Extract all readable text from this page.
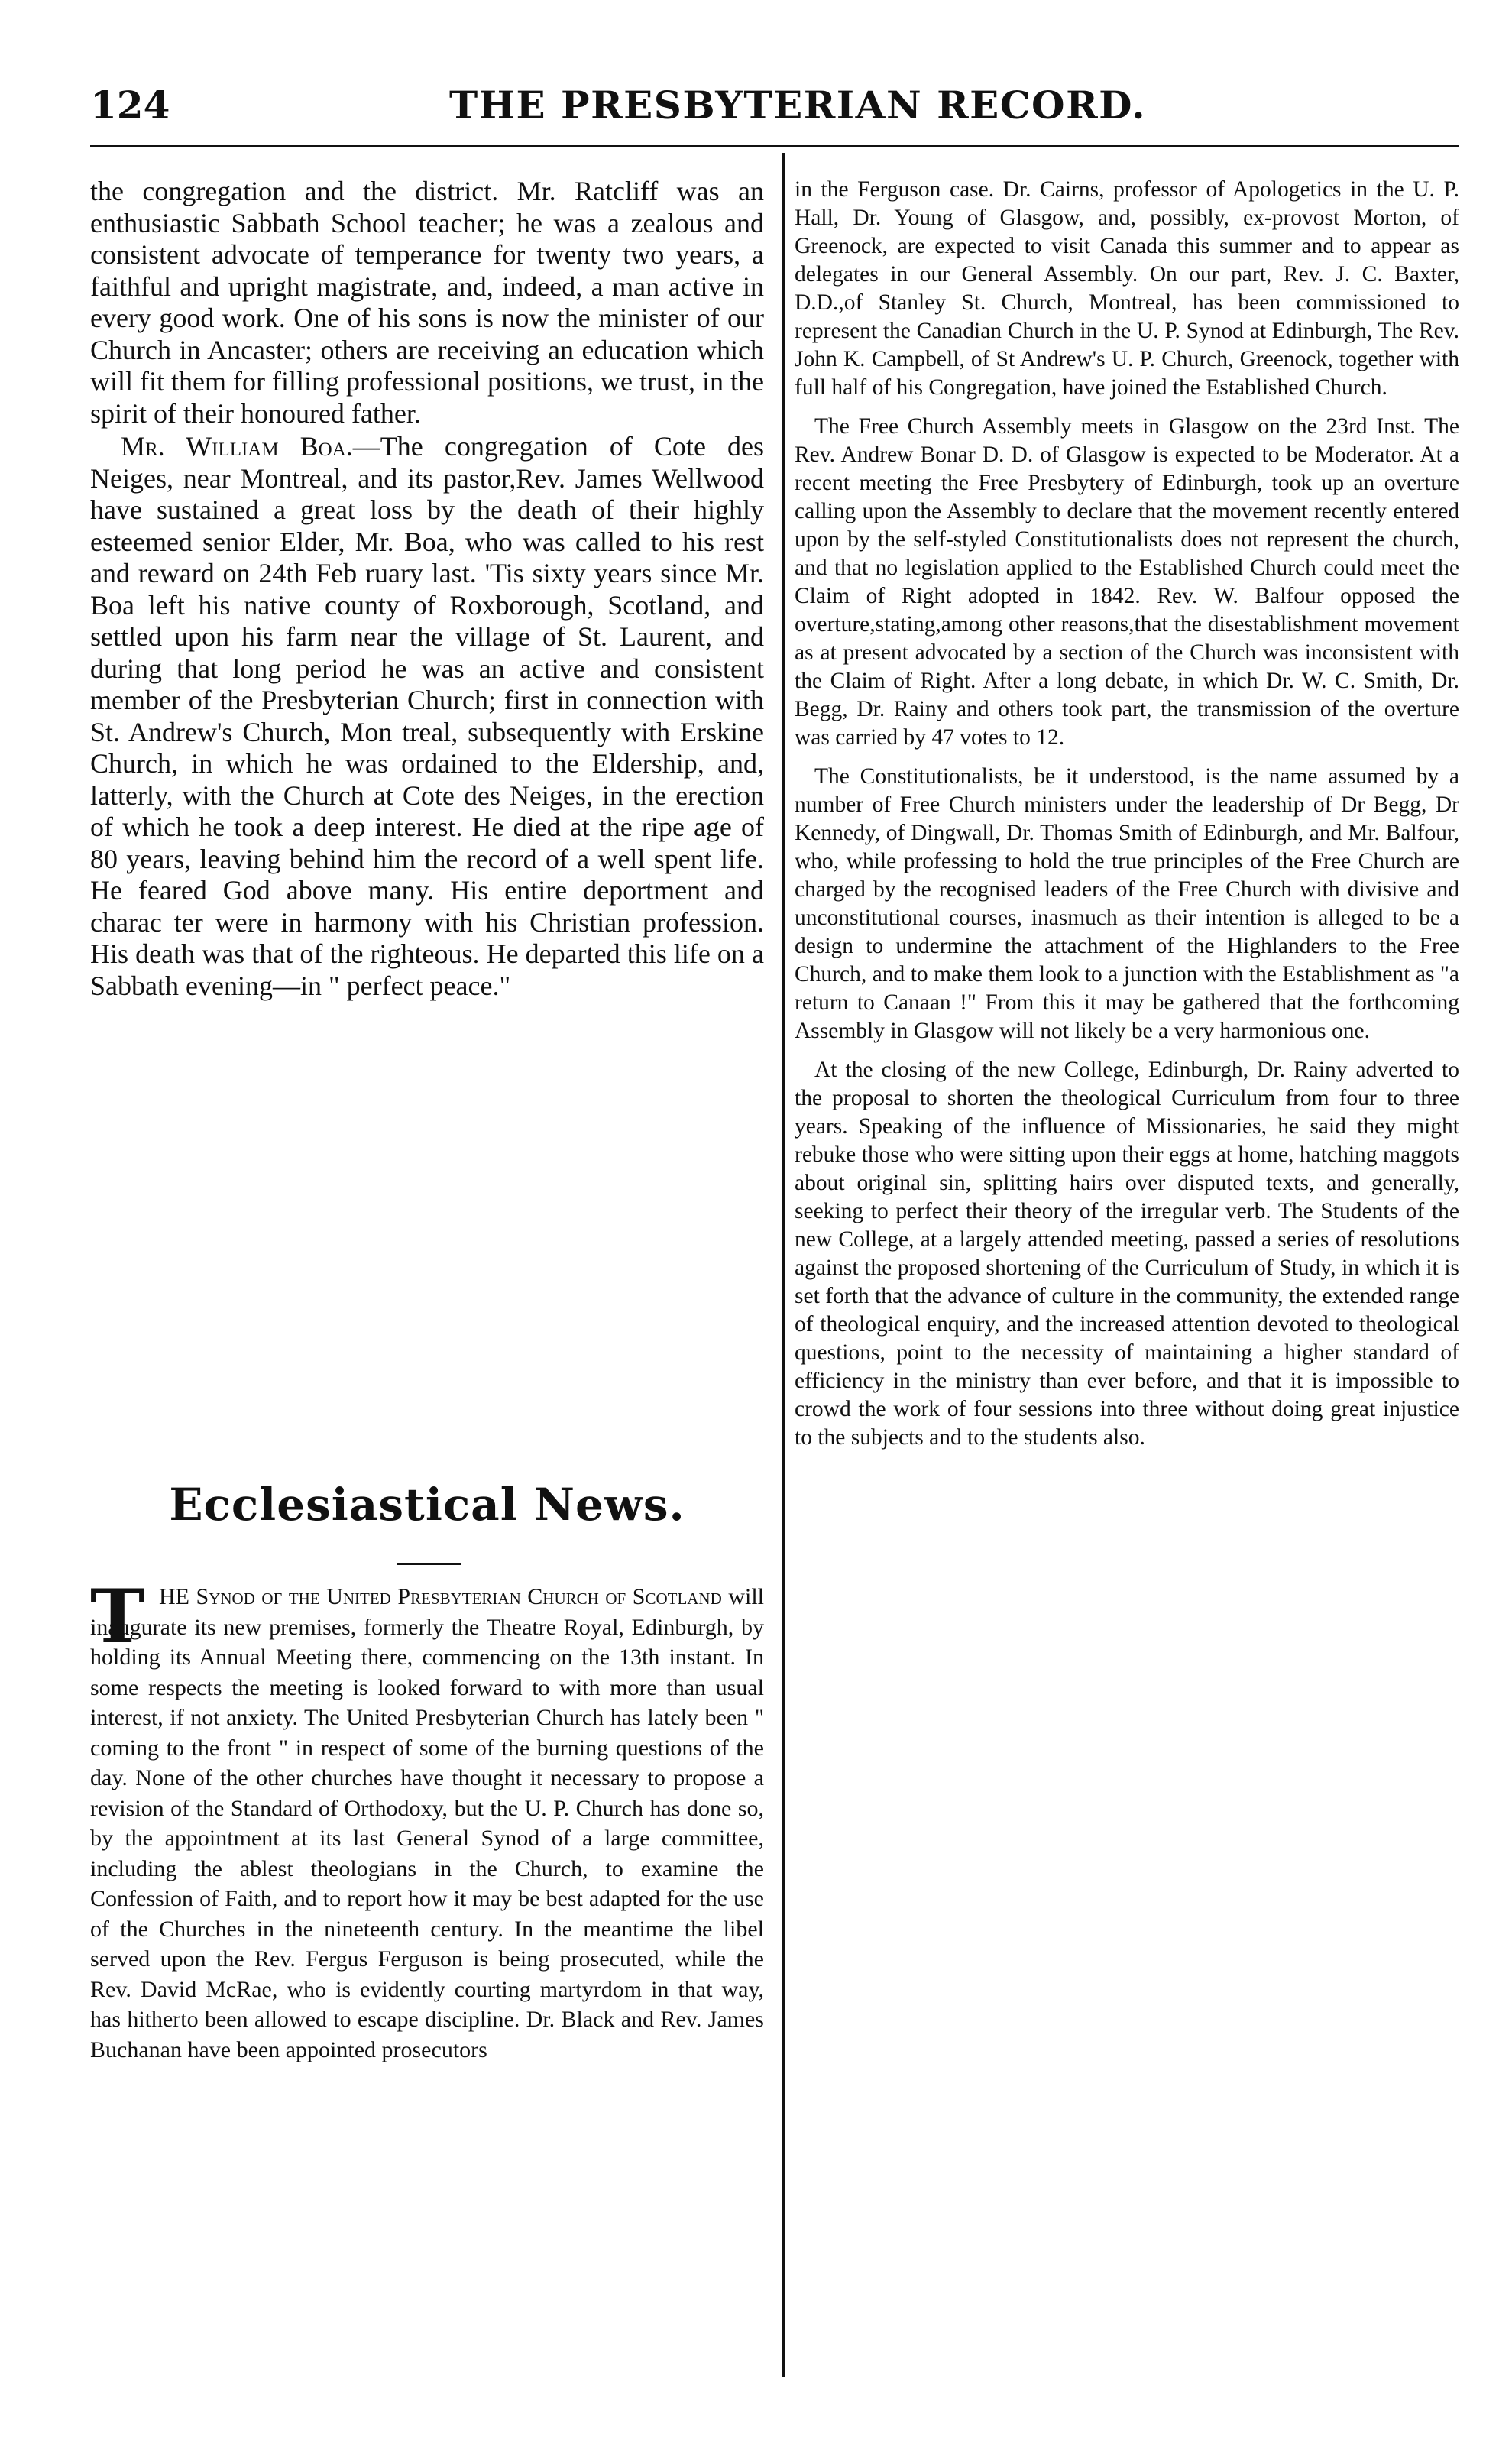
124	THE PRESBYTERIAN RECORD.

the congregation and the district. Mr. Ratcliff was an enthusiastic Sabbath School teacher; he was a zealous and consistent advocate of temperance for twenty two years, a faithful and upright magistrate, and, indeed, a man active in every good work. One of his sons is now the minister of our Church in Ancaster; others are receiving an education which will fit them for filling professional positions, we trust, in the spirit of their honoured father.

Mr. William Boa.—The congregation of Cote des Neiges, near Montreal, and its pastor,Rev. James Wellwood have sustained a great loss by the death of their highly esteemed senior Elder, Mr. Boa, who was called to his rest and reward on 24th Feb ruary last. 'Tis sixty years since Mr. Boa left his native county of Roxborough, Scotland, and settled upon his farm near the village of St. Laurent, and during that long period he was an active and consistent member of the Presbyterian Church; first in connection with St. Andrew's Church, Mon treal, subsequently with Erskine Church, in which he was ordained to the Eldership, and, latterly, with the Church at Cote des Neiges, in the erection of which he took a deep interest. He died at the ripe age of 80 years, leaving behind him the record of a well spent life. He feared God above many. His entire deportment and charac ter were in harmony with his Christian profession. His death was that of the righteous. He departed this life on a Sabbath evening—in " perfect peace."

Ecclesiastical News.
T HE Synod of the United Presbyterian Church of Scotland will inaugurate its new premises, formerly the Theatre Royal, Edinburgh, by holding its Annual Meeting there, commencing on the 13th instant. In some respects the meeting is looked forward to with more than usual interest, if not anxiety. The United Presbyterian Church has lately been " coming to the front " in respect of some of the burning questions of the day. None of the other churches have thought it necessary to propose a revision of the Standard of Orthodoxy, but the U. P. Church has done so, by the appointment at its last General Synod of a large committee, including the ablest theologians in the Church, to examine the Confession of Faith, and to report how it may be best adapted for the use of the Churches in the nineteenth century. In the meantime the libel served upon the Rev. Fergus Ferguson is being prosecuted, while the Rev. David McRae, who is evidently courting martyrdom in that way, has hitherto been allowed to escape discipline. Dr. Black and Rev. James Buchanan have been appointed prosecutors

in the Ferguson case. Dr. Cairns, professor of Apologetics in the U. P. Hall, Dr. Young of Glasgow, and, possibly, ex-provost Morton, of Greenock, are expected to visit Canada this summer and to appear as delegates in our General Assembly. On our part, Rev. J. C. Baxter, D.D.,of Stanley St. Church, Montreal, has been commissioned to represent the Canadian Church in the U. P. Synod at Edinburgh, The Rev. John K. Campbell, of St Andrew's U. P. Church, Greenock, together with full half of his Congregation, have joined the Established Church.

The Free Church Assembly meets in Glasgow on the 23rd Inst. The Rev. Andrew Bonar D. D. of Glasgow is expected to be Moderator. At a recent meeting the Free Presbytery of Edinburgh, took up an overture calling upon the Assembly to declare that the movement recently entered upon by the self-styled Constitutionalists does not represent the church, and that no legislation applied to the Established Church could meet the Claim of Right adopted in 1842. Rev. W. Balfour opposed the overture,stating,among other reasons,that the disestablishment movement as at present advocated by a section of the Church was inconsistent with the Claim of Right. After a long debate, in which Dr. W. C. Smith, Dr. Begg, Dr. Rainy and others took part, the transmission of the overture was carried by 47 votes to 12.

The Constitutionalists, be it understood, is the name assumed by a number of Free Church ministers under the leadership of Dr Begg, Dr Kennedy, of Dingwall, Dr. Thomas Smith of Edinburgh, and Mr. Balfour, who, while professing to hold the true principles of the Free Church are charged by the recognised leaders of the Free Church with divisive and unconstitutional courses, inasmuch as their intention is alleged to be a design to undermine the attachment of the Highlanders to the Free Church, and to make them look to a junction with the Establishment as "a return to Canaan !" From this it may be gathered that the forthcoming Assembly in Glasgow will not likely be a very harmonious one.

At the closing of the new College, Edinburgh, Dr. Rainy adverted to the proposal to shorten the theological Curriculum from four to three years. Speaking of the influence of Missionaries, he said they might rebuke those who were sitting upon their eggs at home, hatching maggots about original sin, splitting hairs over disputed texts, and generally, seeking to perfect their theory of the irregular verb. The Students of the new College, at a largely attended meeting, passed a series of resolutions against the proposed shortening of the Curriculum of Study, in which it is set forth that the advance of culture in the community, the extended range of theological enquiry, and the increased attention devoted to theological questions, point to the necessity of maintaining a higher standard of efficiency in the ministry than ever before, and that it is impossible to crowd the work of four sessions into three without doing great injustice to the subjects and to the students also.
